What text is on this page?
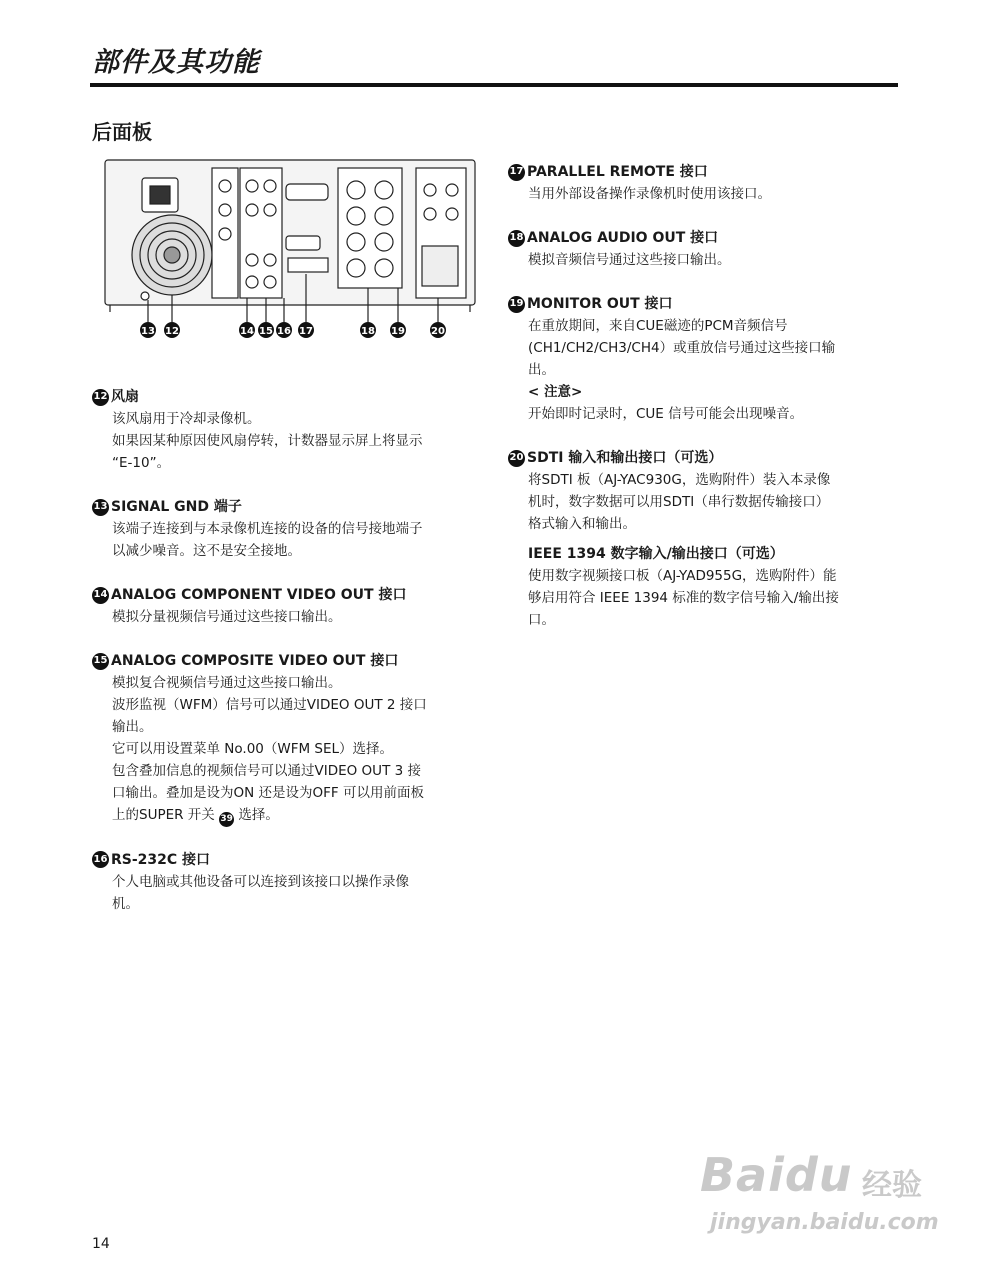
部件及其功能
后面板
13 12	14 15 16 17	18 19	20
12 风扇
该风扇用于冷却录像机。
如果因某种原因使风扇停转，计数器显示屏上将显示
“E-10”。
13 SIGNAL GND 端子
该端子连接到与本录像机连接的设备的信号接地端子
以减少噪音。这不是安全接地。
14 ANALOG COMPONENT VIDEO OUT 接口
模拟分量视频信号通过这些接口输出。
15 ANALOG COMPOSITE VIDEO OUT 接口
模拟复合视频信号通过这些接口输出。
波形监视（WFM）信号可以通过VIDEO OUT 2 接口
输出。
它可以用设置菜单 No.00（WFM SEL）选择。
包含叠加信息的视频信号可以通过VIDEO OUT 3 接
口输出。叠加是设为ON 还是设为OFF 可以用前面板
上的SUPER 开关 39 选择。
16 RS-232C 接口
个人电脑或其他设备可以连接到该接口以操作录像
机。
17 PARALLEL REMOTE 接口
当用外部设备操作录像机时使用该接口。
18 ANALOG AUDIO OUT 接口
模拟音频信号通过这些接口输出。
19 MONITOR OUT 接口
在重放期间，来自CUE磁迹的PCM音频信号
(CH1/CH2/CH3/CH4）或重放信号通过这些接口输
出。
< 注意>
开始即时记录时，CUE 信号可能会出现噪音。
20 SDTI 输入和输出接口（可选）
将SDTI 板（AJ-YAC930G，选购附件）装入本录像
机时，数字数据可以用SDTI（串行数据传输接口）
格式输入和输出。
IEEE 1394 数字输入/输出接口（可选）
使用数字视频接口板（AJ-YAD955G，选购附件）能
够启用符合 IEEE 1394 标准的数字信号输入/输出接
口。
Baidu 经验
jingyan.baidu.com
14
